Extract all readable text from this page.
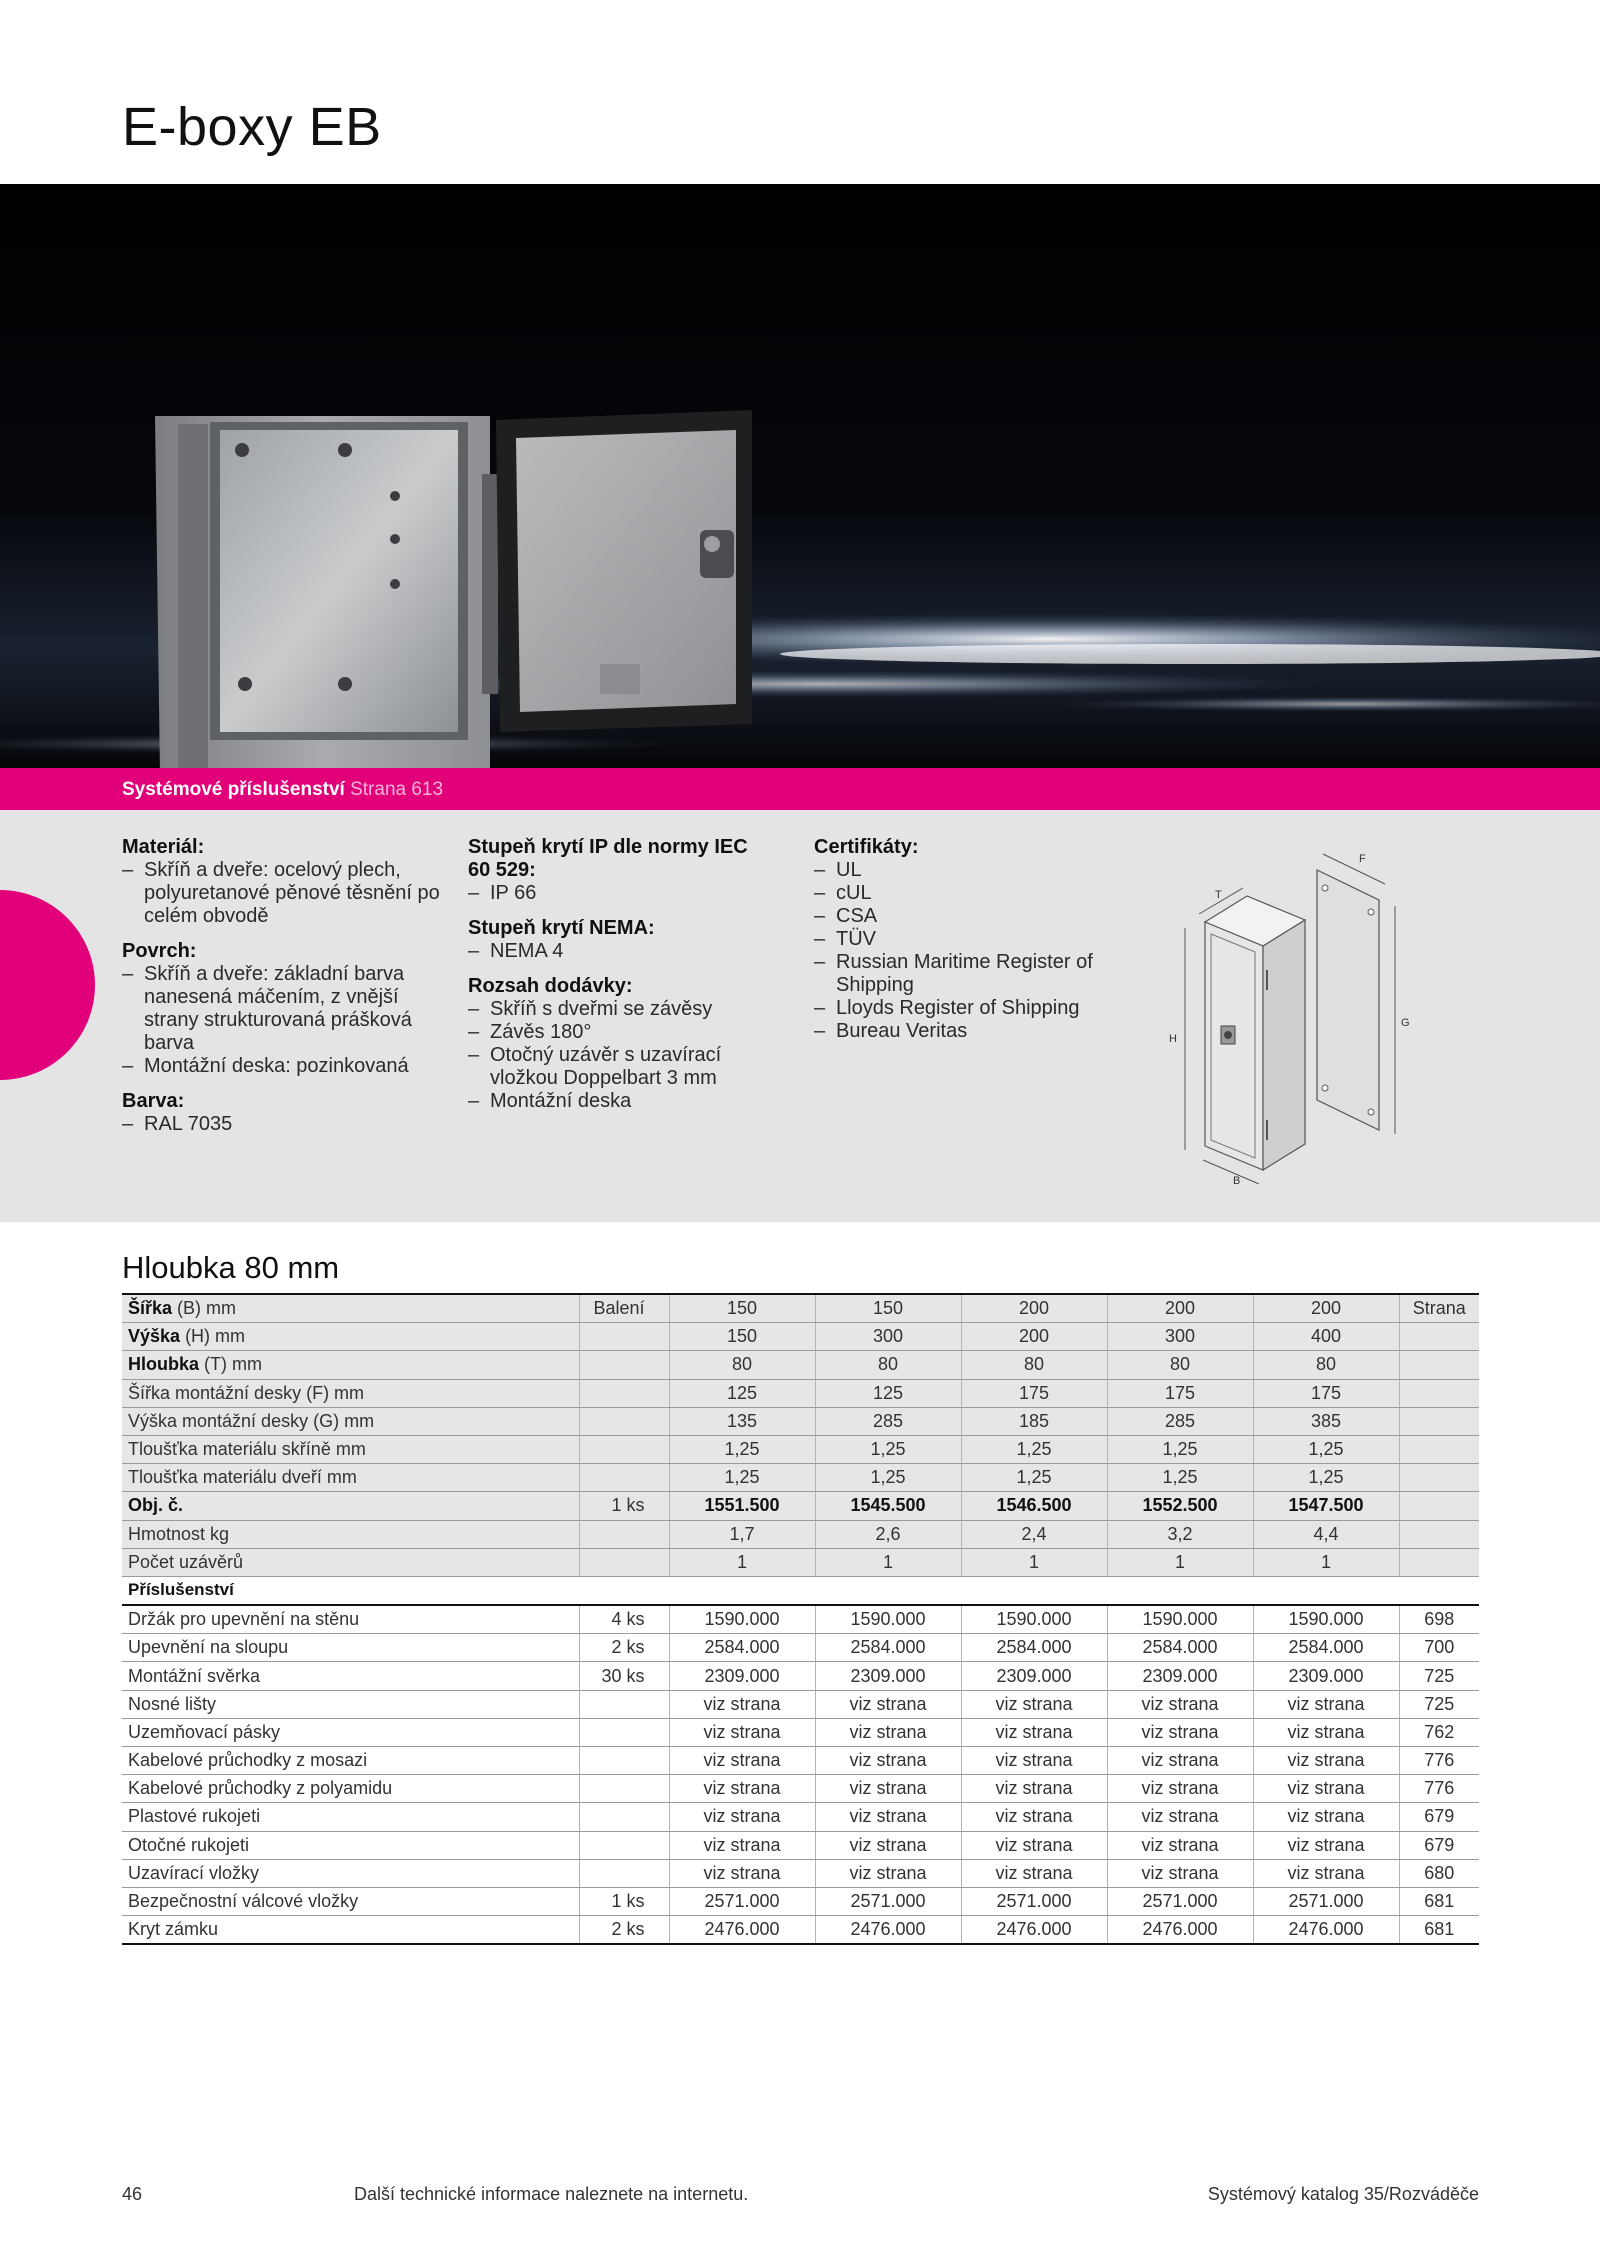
E-boxy EB
Systémové příslušenství Strana 613
Materiál:
– Skříň a dveře: ocelový plech, polyuretanové pěnové těsnění po celém obvodě
Povrch:
– Skříň a dveře: základní barva nanesená máčením, z vnější strany strukturovaná prášková barva
– Montážní deska: pozinkovaná
Barva:
– RAL 7035
Stupeň krytí IP dle normy IEC 60 529:
– IP 66
Stupeň krytí NEMA:
– NEMA 4
Rozsah dodávky:
– Skříň s dveřmi se závěsy
– Závěs 180°
– Otočný uzávěr s uzavírací vložkou Doppelbart 3 mm
– Montážní deska
Certifikáty:
– UL
– cUL
– CSA
– TÜV
– Russian Maritime Register of Shipping
– Lloyds Register of Shipping
– Bureau Veritas
T
H
B
F
G
Hloubka 80 mm
Šířka (B) mm	Balení	150	150	200	200	200	Strana
Výška (H) mm		150	300	200	300	400	
Hloubka (T) mm		80	80	80	80	80	
Šířka montážní desky (F) mm		125	125	175	175	175	
Výška montážní desky (G) mm		135	285	185	285	385	
Tloušťka materiálu skříně mm		1,25	1,25	1,25	1,25	1,25	
Tloušťka materiálu dveří mm		1,25	1,25	1,25	1,25	1,25	
Obj. č.	1 ks	1551.500	1545.500	1546.500	1552.500	1547.500	
Hmotnost kg		1,7	2,6	2,4	3,2	4,4	
Počet uzávěrů		1	1	1	1	1	
Příslušenství							
Držák pro upevnění na stěnu	4 ks	1590.000	1590.000	1590.000	1590.000	1590.000	698
Upevnění na sloupu	2 ks	2584.000	2584.000	2584.000	2584.000	2584.000	700
Montážní svěrka	30 ks	2309.000	2309.000	2309.000	2309.000	2309.000	725
Nosné lišty		viz strana	viz strana	viz strana	viz strana	viz strana	725
Uzemňovací pásky		viz strana	viz strana	viz strana	viz strana	viz strana	762
Kabelové průchodky z mosazi		viz strana	viz strana	viz strana	viz strana	viz strana	776
Kabelové průchodky z polyamidu		viz strana	viz strana	viz strana	viz strana	viz strana	776
Plastové rukojeti		viz strana	viz strana	viz strana	viz strana	viz strana	679
Otočné rukojeti		viz strana	viz strana	viz strana	viz strana	viz strana	679
Uzavírací vložky		viz strana	viz strana	viz strana	viz strana	viz strana	680
Bezpečnostní válcové vložky	1 ks	2571.000	2571.000	2571.000	2571.000	2571.000	681
Kryt zámku	2 ks	2476.000	2476.000	2476.000	2476.000	2476.000	681
46	Další technické informace naleznete na internetu.	Systémový katalog 35/Rozváděče
